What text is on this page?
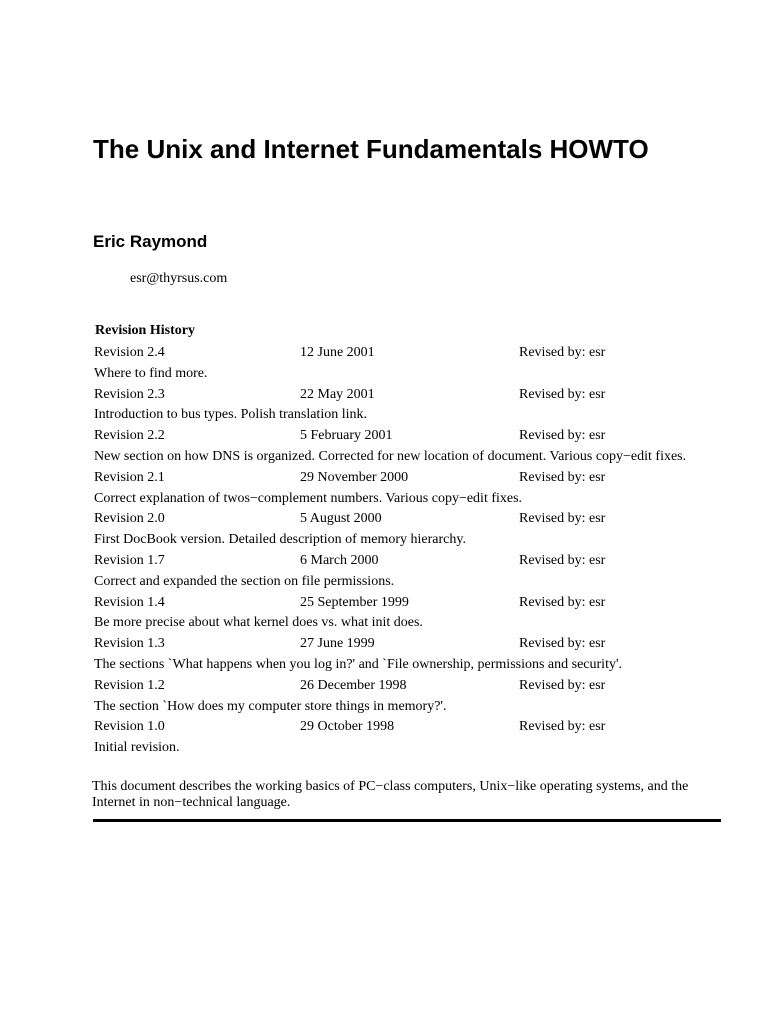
The Unix and Internet Fundamentals HOWTO
Eric Raymond
esr@thyrsus.com
Revision History
Revision 2.4	12 June 2001	Revised by: esr
Where to find more.
Revision 2.3	22 May 2001	Revised by: esr
Introduction to bus types. Polish translation link.
Revision 2.2	5 February 2001	Revised by: esr
New section on how DNS is organized. Corrected for new location of document. Various copy−edit fixes.
Revision 2.1	29 November 2000	Revised by: esr
Correct explanation of twos−complement numbers. Various copy−edit fixes.
Revision 2.0	5 August 2000	Revised by: esr
First DocBook version. Detailed description of memory hierarchy.
Revision 1.7	6 March 2000	Revised by: esr
Correct and expanded the section on file permissions.
Revision 1.4	25 September 1999	Revised by: esr
Be more precise about what kernel does vs. what init does.
Revision 1.3	27 June 1999	Revised by: esr
The sections `What happens when you log in?' and `File ownership, permissions and security'.
Revision 1.2	26 December 1998	Revised by: esr
The section `How does my computer store things in memory?'.
Revision 1.0	29 October 1998	Revised by: esr
Initial revision.

This document describes the working basics of PC−class computers, Unix−like operating systems, and the Internet in non−technical language.
